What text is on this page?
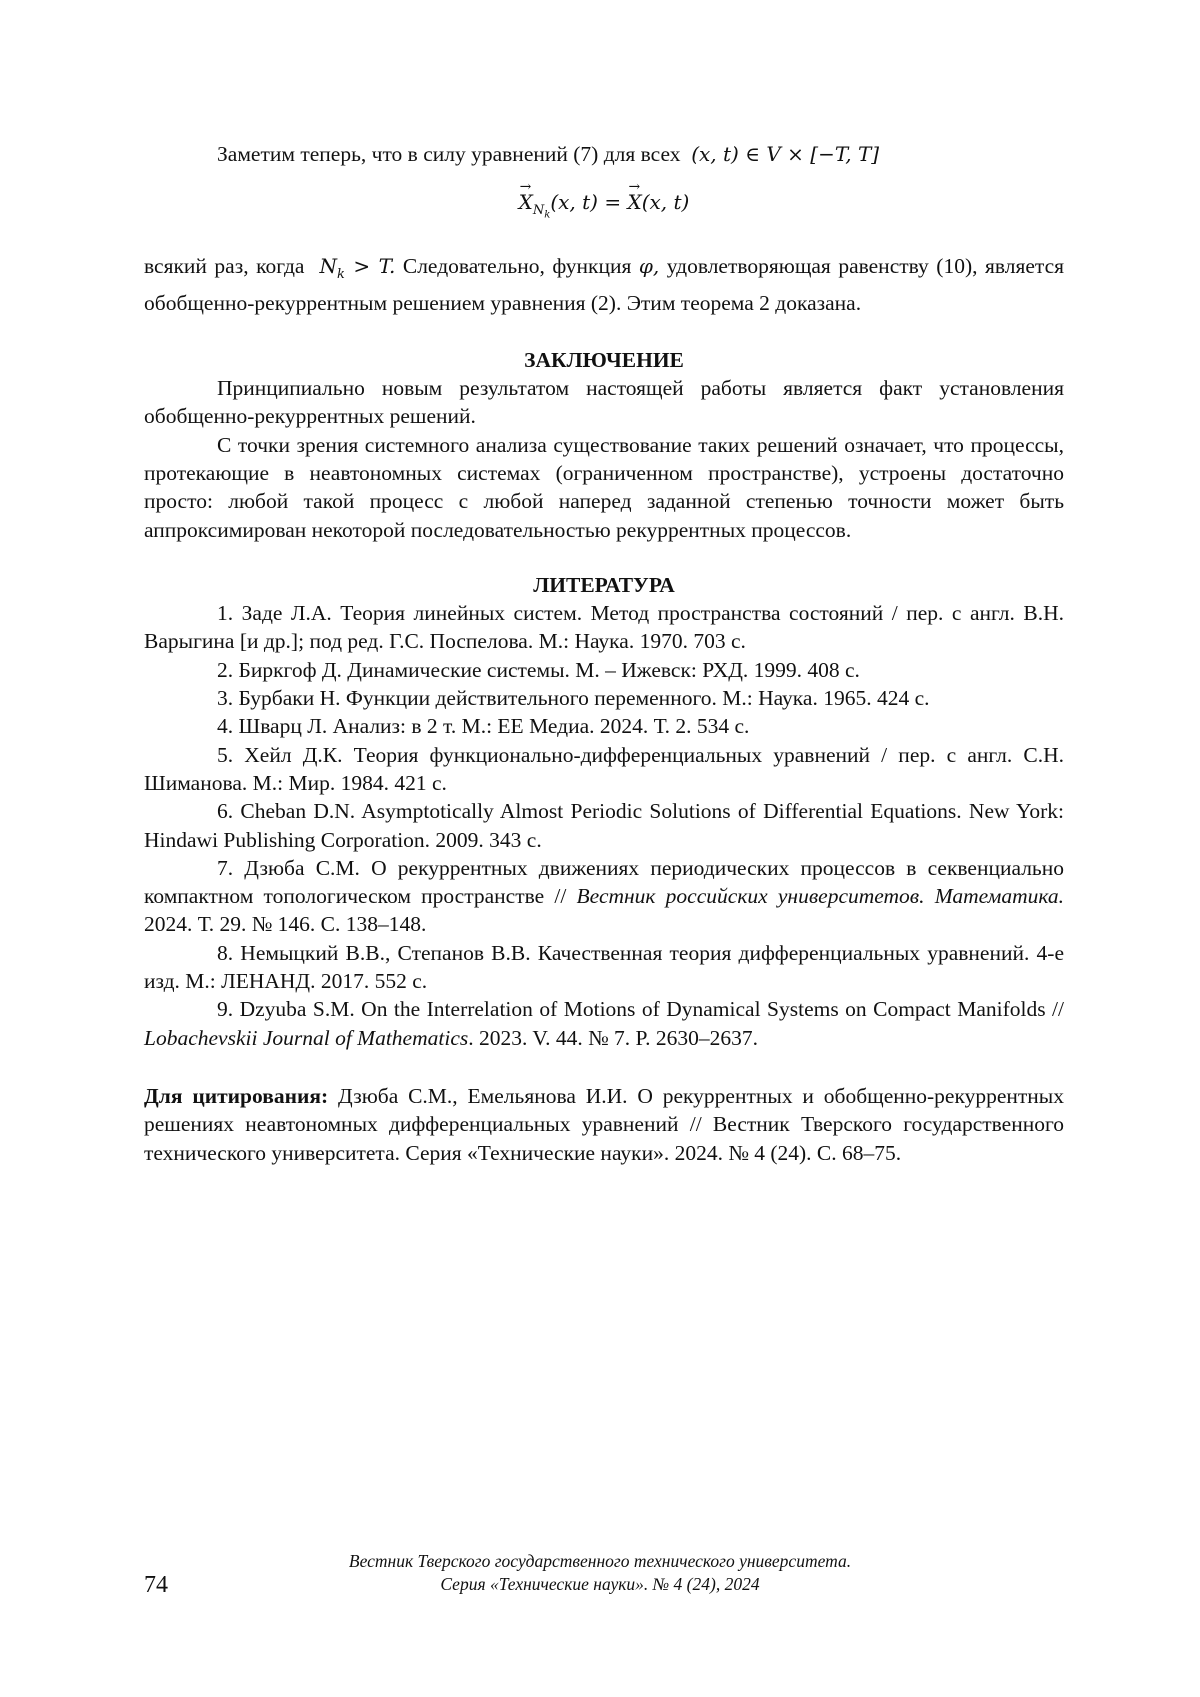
Заметим теперь, что в силу уравнений (7) для всех (x, t) ∈ V × [−T, T]

→ $X_{N_k}(x$, t) = → X(x, t)

всякий раз, когда $N_k > T$. Следовательно, функция φ, удовлетворяющая равенству (10), является обобщенно-рекуррентным решением уравнения (2). Этим теорема 2 доказана.

ЗАКЛЮЧЕНИЕ

Принципиально новым результатом настоящей работы является факт установления обобщенно-рекуррентных решений.

С точки зрения системного анализа существование таких решений означает, что процессы, протекающие в неавтономных системах (ограниченном пространстве), устроены достаточно просто: любой такой процесс с любой наперед заданной степенью точности может быть аппроксимирован некоторой последовательностью рекуррентных процессов.

ЛИТЕРАТУРА

1. Заде Л.А. Теория линейных систем. Метод пространства состояний / пер. с англ. В.Н. Варыгина [и др.]; под ред. Г.С. Поспелова. М.: Наука. 1970. 703 с.

2. Биркгоф Д. Динамические системы. М. – Ижевск: РХД. 1999. 408 с.

3. Бурбаки Н. Функции действительного переменного. М.: Наука. 1965. 424 с.

4. Шварц Л. Анализ: в 2 т. М.: ЕЕ Медиа. 2024. Т. 2. 534 с.

5. Хейл Д.К. Теория функционально-дифференциальных уравнений / пер. с англ. С.Н. Шиманова. М.: Мир. 1984. 421 с.

6. Cheban D.N. Asymptotically Almost Periodic Solutions of Differential Equations. New York: Hindawi Publishing Corporation. 2009. 343 с.

7. Дзюба С.М. О рекуррентных движениях периодических процессов в секвенциально компактном топологическом пространстве // Вестник российских университетов. Математика. 2024. Т. 29. № 146. С. 138–148.

8. Немыцкий В.В., Степанов В.В. Качественная теория дифференциальных уравнений. 4-е изд. М.: ЛЕНАНД. 2017. 552 с.

9. Dzyuba S.M. On the Interrelation of Motions of Dynamical Systems on Compact Manifolds // Lobachevskii Journal of Mathematics. 2023. V. 44. № 7. P. 2630–2637.

Для цитирования: Дзюба С.М., Емельянова И.И. О рекуррентных и обобщенно-рекуррентных решениях неавтономных дифференциальных уравнений // Вестник Тверского государственного технического университета. Серия «Технические науки». 2024. № 4 (24). С. 68–75.

Вестник Тверского государственного технического университета.
Серия «Технические науки». № 4 (24), 2024
74
